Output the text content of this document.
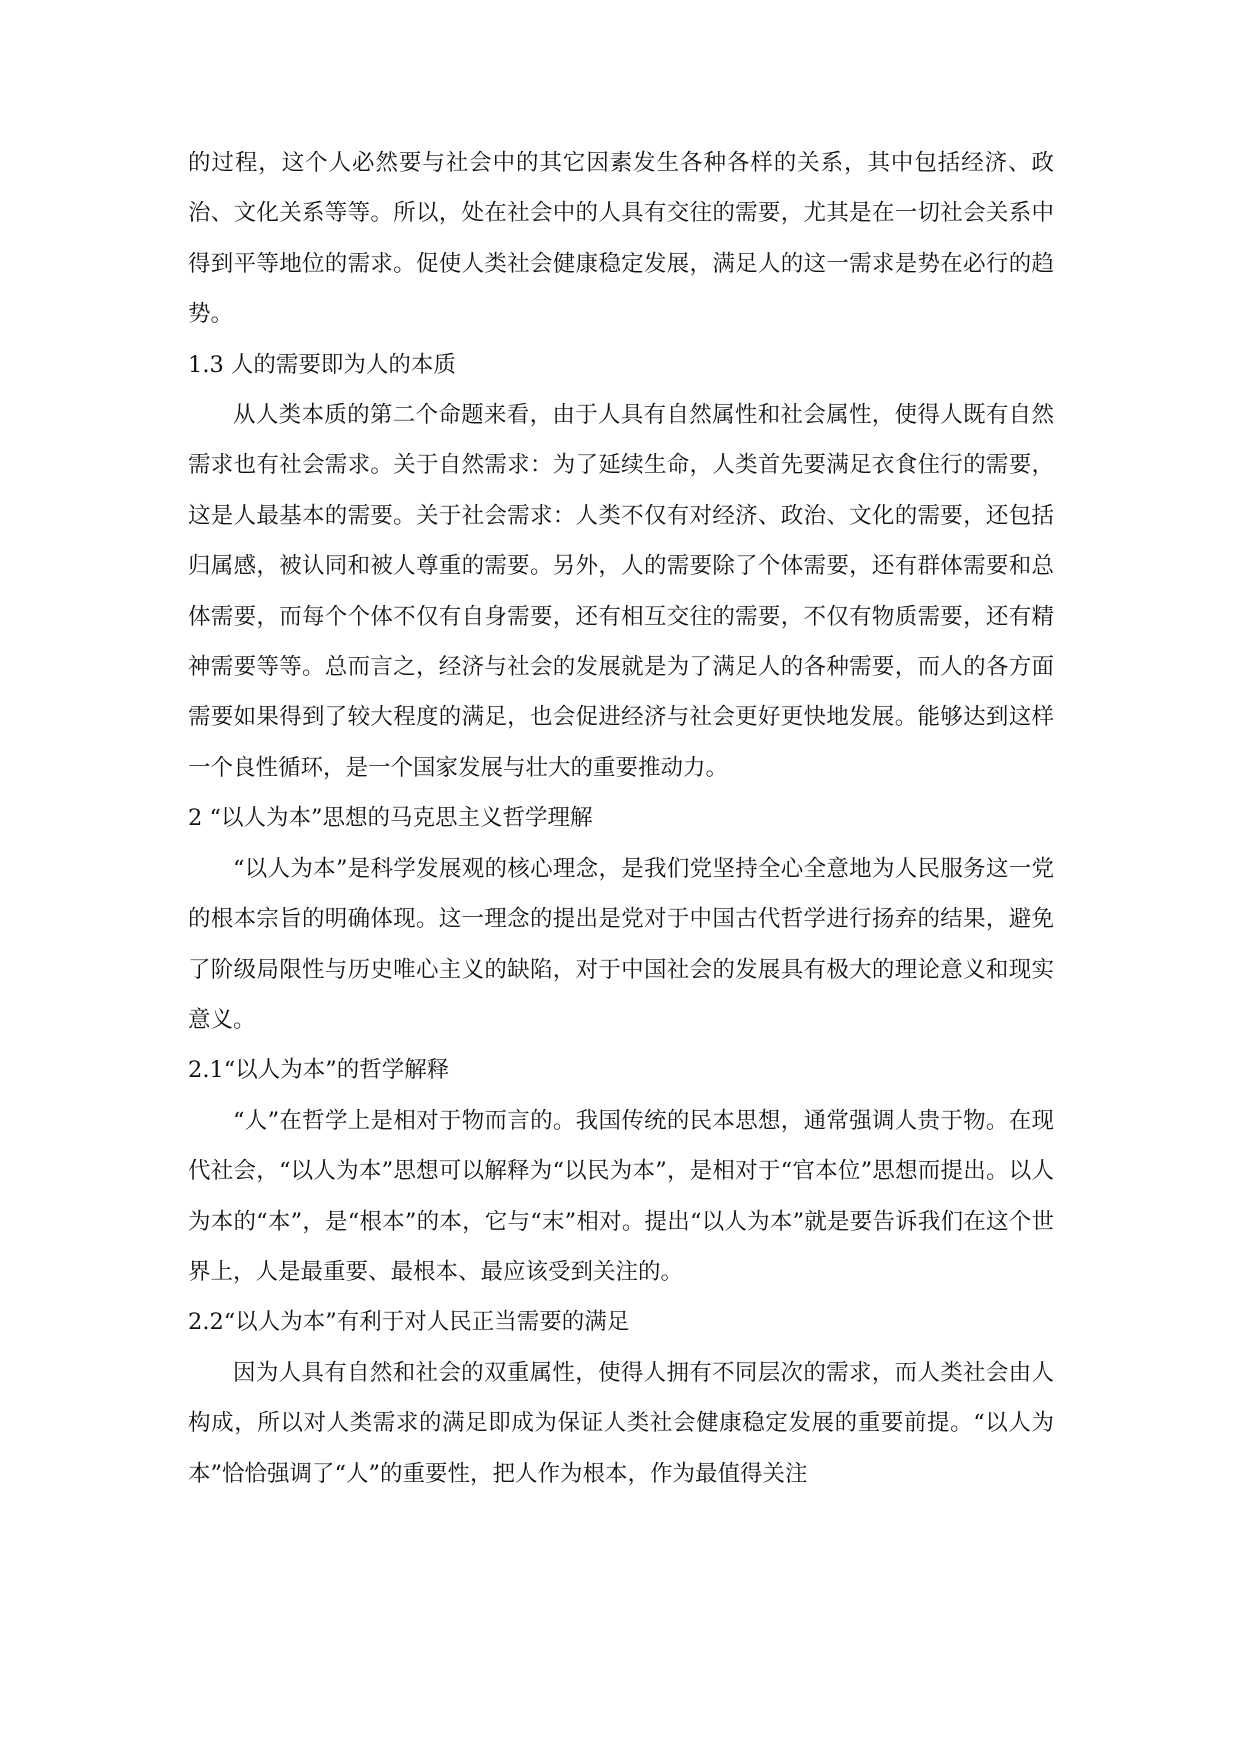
的过程，这个人必然要与社会中的其它因素发生各种各样的关系，其中包括经济、政治、文化关系等等。所以，处在社会中的人具有交往的需要，尤其是在一切社会关系中得到平等地位的需求。促使人类社会健康稳定发展，满足人的这一需求是势在必行的趋势。

1.3 人的需要即为人的本质

从人类本质的第二个命题来看，由于人具有自然属性和社会属性，使得人既有自然需求也有社会需求。关于自然需求：为了延续生命，人类首先要满足衣食住行的需要，这是人最基本的需要。关于社会需求：人类不仅有对经济、政治、文化的需要，还包括归属感，被认同和被人尊重的需要。另外，人的需要除了个体需要，还有群体需要和总体需要，而每个个体不仅有自身需要，还有相互交往的需要，不仅有物质需要，还有精神需要等等。总而言之，经济与社会的发展就是为了满足人的各种需要，而人的各方面需要如果得到了较大程度的满足，也会促进经济与社会更好更快地发展。能够达到这样一个良性循环，是一个国家发展与壮大的重要推动力。

2 “以人为本”思想的马克思主义哲学理解

“以人为本”是科学发展观的核心理念，是我们党坚持全心全意地为人民服务这一党的根本宗旨的明确体现。这一理念的提出是党对于中国古代哲学进行扬弃的结果，避免了阶级局限性与历史唯心主义的缺陷，对于中国社会的发展具有极大的理论意义和现实意义。

2.1“以人为本”的哲学解释

“人”在哲学上是相对于物而言的。我国传统的民本思想，通常强调人贵于物。在现代社会，“以人为本”思想可以解释为“以民为本”，是相对于“官本位”思想而提出。以人为本的“本”，是“根本”的本，它与“末”相对。提出“以人为本”就是要告诉我们在这个世界上，人是最重要、最根本、最应该受到关注的。

2.2“以人为本”有利于对人民正当需要的满足

因为人具有自然和社会的双重属性，使得人拥有不同层次的需求，而人类社会由人构成，所以对人类需求的满足即成为保证人类社会健康稳定发展的重要前提。“以人为本”恰恰强调了“人”的重要性，把人作为根本，作为最值得关注
